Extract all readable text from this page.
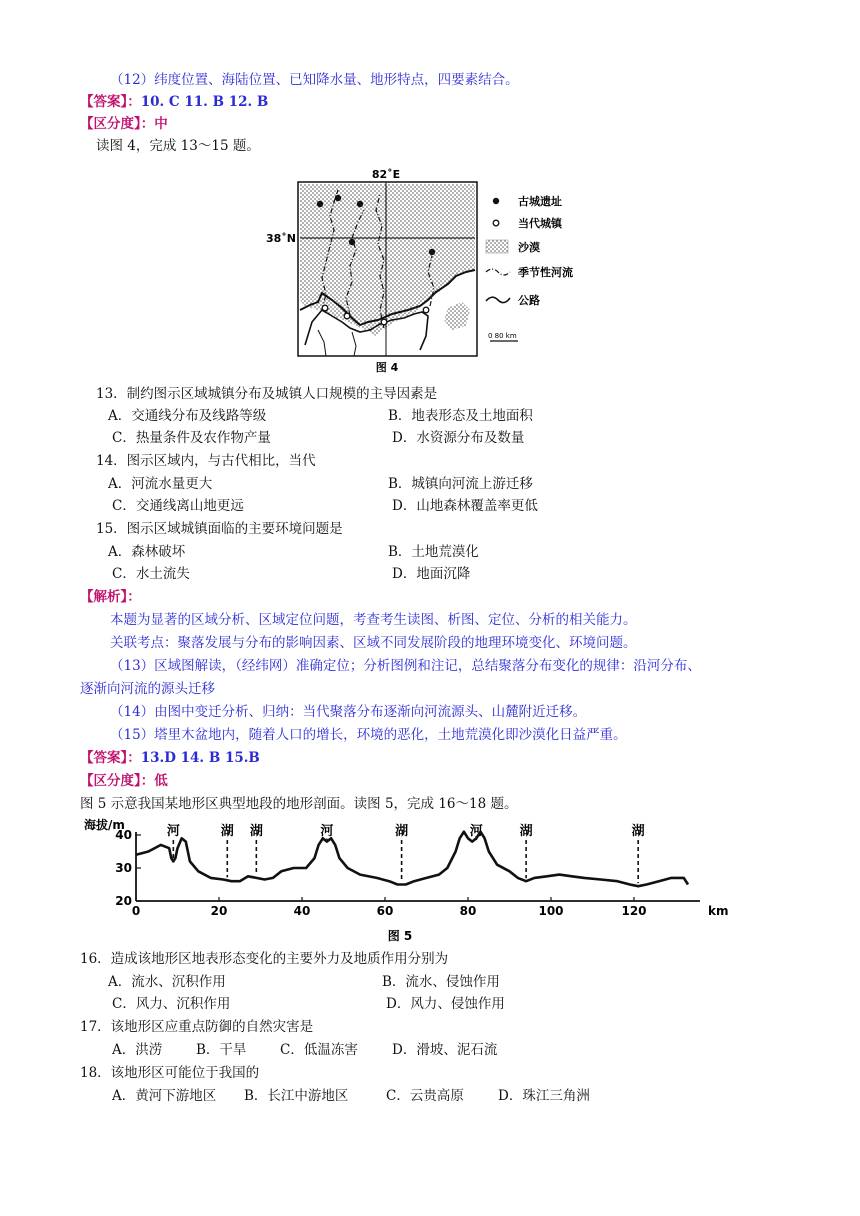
（12）纬度位置、海陆位置、已知降水量、地形特点，四要素结合。
【答案】：10. C 11. B 12. B
【区分度】：中
读图 4，完成 13～15 题。
82˚E
38˚N
古城遗址
当代城镇
沙漠
季节性河流
公路
0 80 km
图 4
13．制约图示区域城镇分布及城镇人口规模的主导因素是
A．交通线分布及线路等级	B．地表形态及土地面积
C．热量条件及农作物产量	D．水资源分布及数量
14．图示区域内，与古代相比，当代
A．河流水量更大	B．城镇向河流上游迁移
C．交通线离山地更远	D．山地森林覆盖率更低
15．图示区域城镇面临的主要环境问题是
A．森林破坏	B．土地荒漠化
C．水土流失	D．地面沉降
【解析】：
本题为显著的区域分析、区域定位问题，考查考生读图、析图、定位、分析的相关能力。
关联考点：聚落发展与分布的影响因素、区域不同发展阶段的地理环境变化、环境问题。
（13）区域图解读，（经纬网）准确定位；分析图例和注记，总结聚落分布变化的规律：沿河分布、
逐渐向河流的源头迁移
（14）由图中变迁分析、归纳：当代聚落分布逐渐向河流源头、山麓附近迁移。
（15）塔里木盆地内，随着人口的增长，环境的恶化，土地荒漠化即沙漠化日益严重。
【答案】：13.D 14. B 15.B
【区分度】：低
图 5 示意我国某地形区典型地段的地形剖面。读图 5，完成 16～18 题。
海拔/m
40
30
20
0	20	40	60	80	100	120
河	湖 湖	河	湖	河	湖	湖
km
图 5
16．造成该地形区地表形态变化的主要外力及地质作用分别为
A．流水、沉积作用	B．流水、侵蚀作用
C．风力、沉积作用	D．风力、侵蚀作用
17．该地形区应重点防御的自然灾害是
A．洪涝	B．干旱 C．低温冻害	D．滑坡、泥石流
18．该地形区可能位于我国的
A．黄河下游地区 B．长江中游地区	C．云贵高原	D．珠江三角洲
